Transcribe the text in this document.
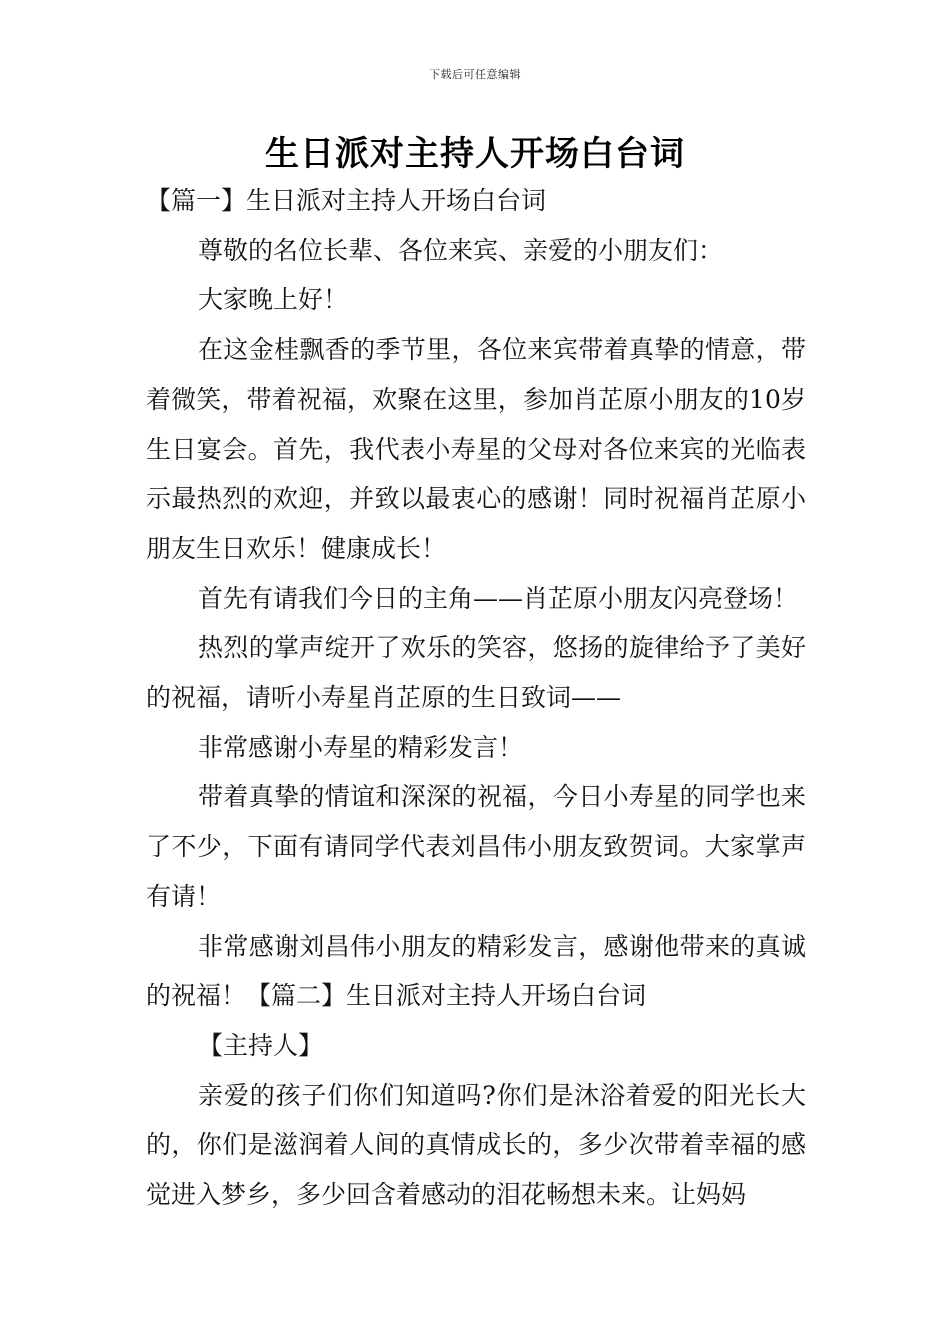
下载后可任意编辑
生日派对主持人开场白台词

【篇一】生日派对主持人开场白台词

尊敬的名位长辈、各位来宾、亲爱的小朋友们：

大家晚上好！

在这金桂飘香的季节里，各位来宾带着真挚的情意，带着微笑，带着祝福，欢聚在这里，参加肖芷原小朋友的10岁生日宴会。首先，我代表小寿星的父母对各位来宾的光临表示最热烈的欢迎，并致以最衷心的感谢！同时祝福肖芷原小朋友生日欢乐！健康成长！

首先有请我们今日的主角——肖芷原小朋友闪亮登场！

热烈的掌声绽开了欢乐的笑容，悠扬的旋律给予了美好的祝福，请听小寿星肖芷原的生日致词——

非常感谢小寿星的精彩发言！

带着真挚的情谊和深深的祝福，今日小寿星的同学也来了不少，下面有请同学代表刘昌伟小朋友致贺词。大家掌声有请！

非常感谢刘昌伟小朋友的精彩发言，感谢他带来的真诚的祝福！【篇二】生日派对主持人开场白台词

【主持人】

亲爱的孩子们你们知道吗?你们是沐浴着爱的阳光长大的，你们是滋润着人间的真情成长的，多少次带着幸福的感觉进入梦乡，多少回含着感动的泪花畅想未来。让妈妈
